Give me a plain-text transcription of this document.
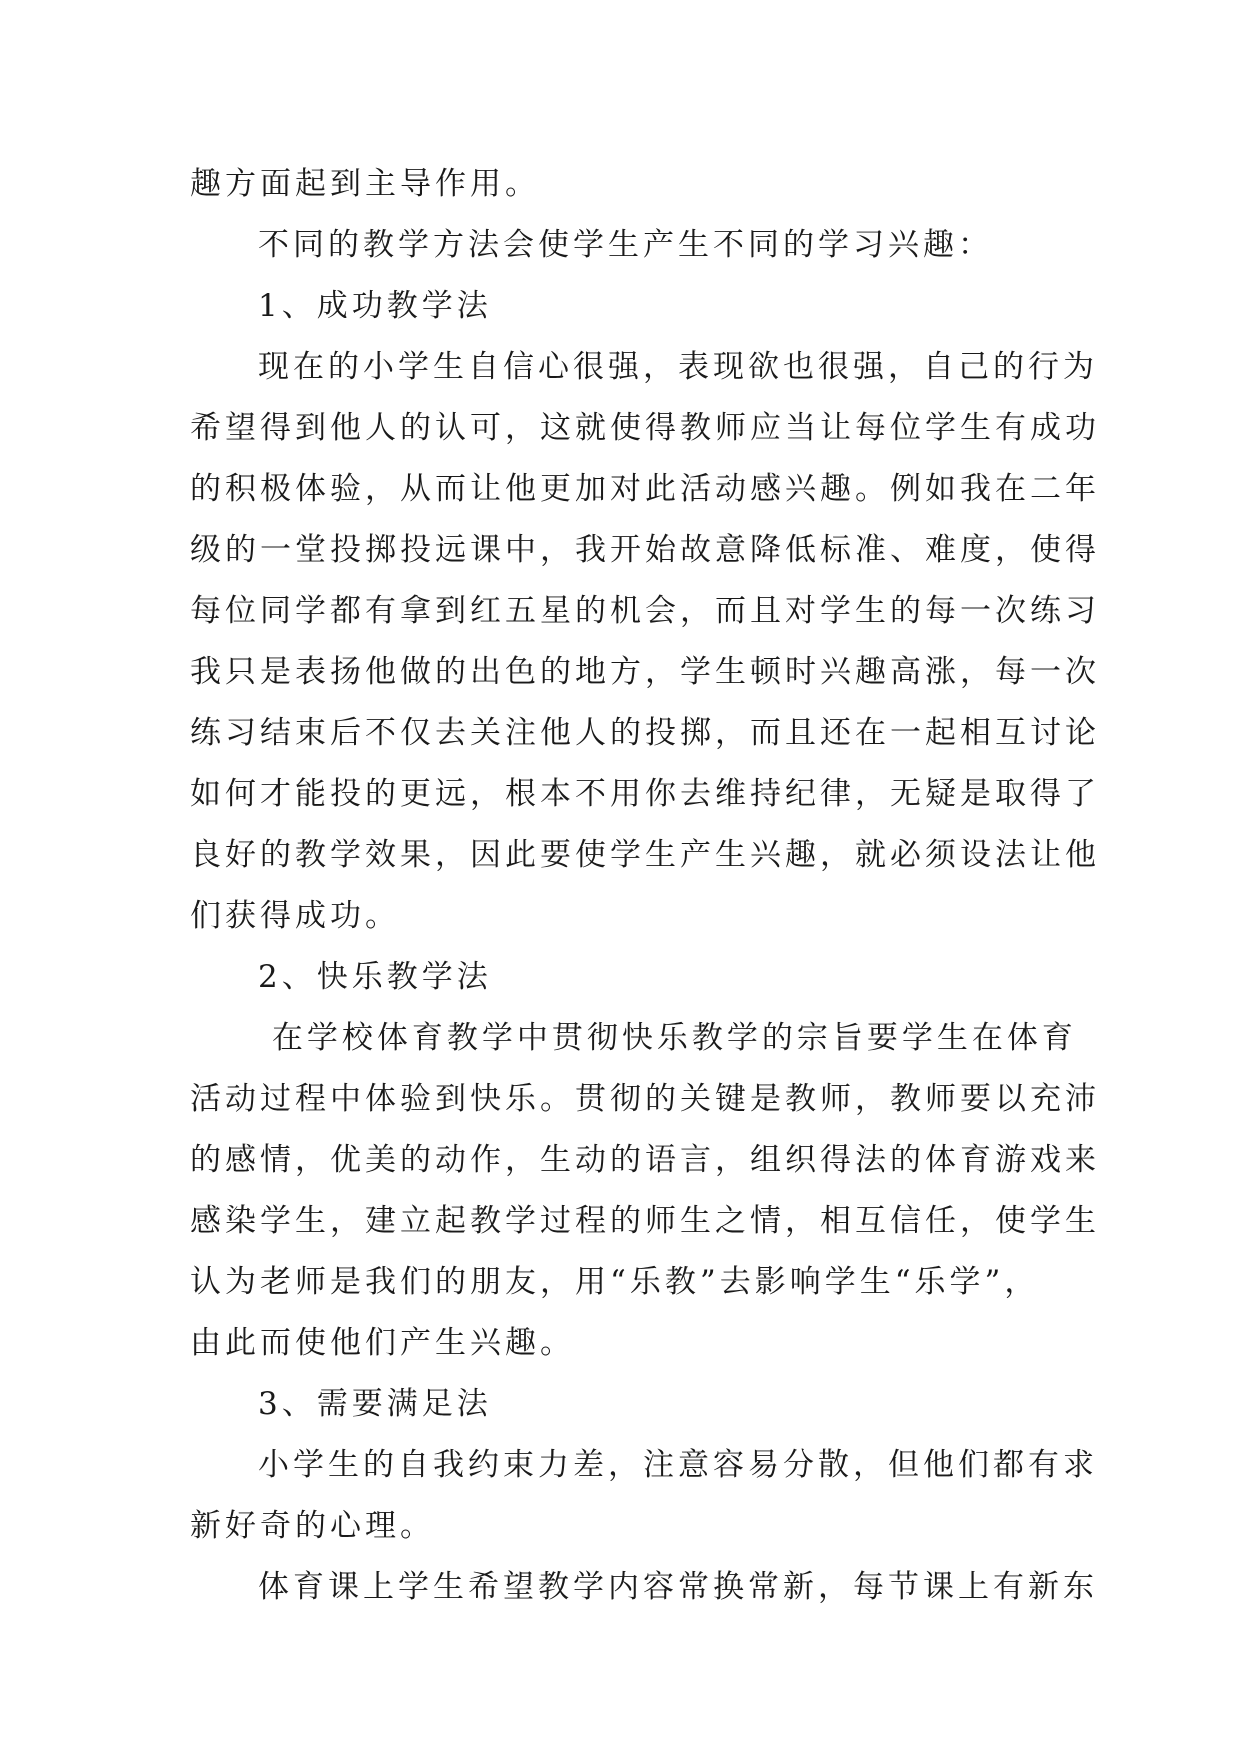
趣方面起到主导作用。
不同的教学方法会使学生产生不同的学习兴趣：
1、成功教学法
现在的小学生自信心很强，表现欲也很强，自己的行为
希望得到他人的认可，这就使得教师应当让每位学生有成功
的积极体验，从而让他更加对此活动感兴趣。例如我在二年
级的一堂投掷投远课中，我开始故意降低标准、难度，使得
每位同学都有拿到红五星的机会，而且对学生的每一次练习
我只是表扬他做的出色的地方，学生顿时兴趣高涨，每一次
练习结束后不仅去关注他人的投掷，而且还在一起相互讨论
如何才能投的更远，根本不用你去维持纪律，无疑是取得了
良好的教学效果，因此要使学生产生兴趣，就必须设法让他
们获得成功。
2、快乐教学法
在学校体育教学中贯彻快乐教学的宗旨要学生在体育
活动过程中体验到快乐。贯彻的关键是教师，教师要以充沛
的感情，优美的动作，生动的语言，组织得法的体育游戏来
感染学生，建立起教学过程的师生之情，相互信任，使学生
认为老师是我们的朋友，用“乐教”去影响学生“乐学”，
由此而使他们产生兴趣。
3、需要满足法
小学生的自我约束力差，注意容易分散，但他们都有求
新好奇的心理。
体育课上学生希望教学内容常换常新，每节课上有新东
